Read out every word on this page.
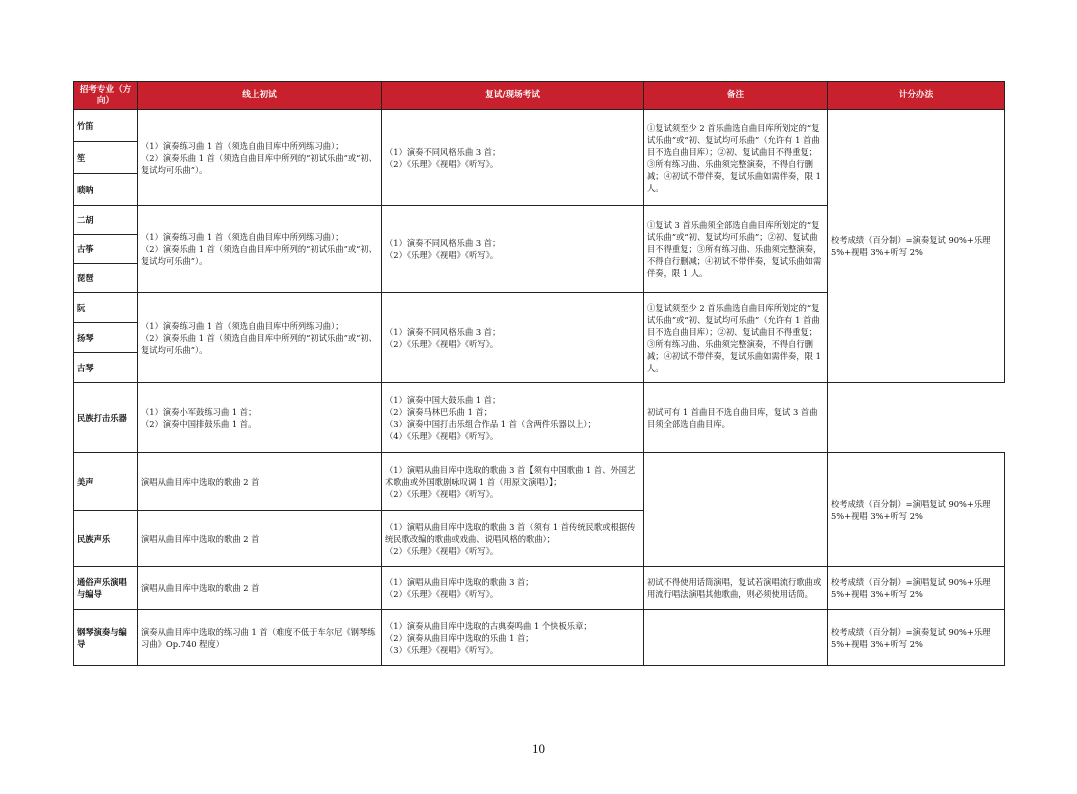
招考专业（方向）	线上初试	复试/现场考试	备注	计分办法
竹笛	（1）演奏练习曲 1 首（须选自曲目库中所列练习曲）；
（2）演奏乐曲 1 首（须选自曲目库中所列的“初试乐曲”或“初、复试均可乐曲”）。	（1）演奏不同风格乐曲 3 首；
（2）《乐理》《视唱》《听写》。	①复试须至少 2 首乐曲选自曲目库所划定的“复试乐曲”或“初、复试均可乐曲”（允许有 1 首曲目不选自曲目库）；②初、复试曲目不得重复；③所有练习曲、乐曲须完整演奏，不得自行删减；④初试不带伴奏，复试乐曲如需伴奏，限 1 人。	校考成绩（百分制）=演奏复试 90%+乐理 5%+视唱 3%+听写 2%
笙				
唢呐				
二胡	（1）演奏练习曲 1 首（须选自曲目库中所列练习曲）；
（2）演奏乐曲 1 首（须选自曲目库中所列的“初试乐曲”或“初、复试均可乐曲”）。	（1）演奏不同风格乐曲 3 首；
（2）《乐理》《视唱》《听写》。	①复试 3 首乐曲须全部选自曲目库所划定的“复试乐曲”或“初、复试均可乐曲”；②初、复试曲目不得重复；③所有练习曲、乐曲须完整演奏，不得自行删减；④初试不带伴奏，复试乐曲如需伴奏，限 1 人。	
古筝				
琵琶				
阮	（1）演奏练习曲 1 首（须选自曲目库中所列练习曲）；
（2）演奏乐曲 1 首（须选自曲目库中所列的“初试乐曲”或“初、复试均可乐曲”）。	（1）演奏不同风格乐曲 3 首；
（2）《乐理》《视唱》《听写》。	①复试须至少 2 首乐曲选自曲目库所划定的“复试乐曲”或“初、复试均可乐曲”（允许有 1 首曲目不选自曲目库）；②初、复试曲目不得重复；③所有练习曲、乐曲须完整演奏，不得自行删减；④初试不带伴奏，复试乐曲如需伴奏，限 1 人。	
扬琴				
古琴				
民族打击乐器	（1）演奏小军鼓练习曲 1 首；
（2）演奏中国排鼓乐曲 1 首。	（1）演奏中国大鼓乐曲 1 首；
（2）演奏马林巴乐曲 1 首；
（3）演奏中国打击乐组合作品 1 首（含两件乐器以上）；
（4）《乐理》《视唱》《听写》。	初试可有 1 首曲目不选自曲目库，复试 3 首曲目须全部选自曲目库。	
美声	演唱从曲目库中选取的歌曲 2 首	（1）演唱从曲目库中选取的歌曲 3 首【须有中国歌曲 1 首、外国艺术歌曲或外国歌剧咏叹调 1 首（用原文演唱）】；
（2）《乐理》《视唱》《听写》。		校考成绩（百分制）=演唱复试 90%+乐理 5%+视唱 3%+听写 2%
民族声乐	演唱从曲目库中选取的歌曲 2 首	（1）演唱从曲目库中选取的歌曲 3 首（须有 1 首传统民歌或根据传统民歌改编的歌曲或戏曲、说唱风格的歌曲）；
（2）《乐理》《视唱》《听写》。		

通俗声乐演唱与编导	演唱从曲目库中选取的歌曲 2 首	（1）演唱从曲目库中选取的歌曲 3 首；
（2）《乐理》《视唱》《听写》。	初试不得使用话筒演唱，复试若演唱流行歌曲或用流行唱法演唱其他歌曲，则必须使用话筒。	校考成绩（百分制）=演唱复试 90%+乐理 5%+视唱 3%+听写 2%
钢琴演奏与编导	演奏从曲目库中选取的练习曲 1 首（难度不低于车尔尼《钢琴练习曲》Op.740 程度）	（1）演奏从曲目库中选取的古典奏鸣曲 1 个快板乐章；
（2）演奏从曲目库中选取的乐曲 1 首；
（3）《乐理》《视唱》《听写》。		校考成绩（百分制）=演奏复试 90%+乐理 5%+视唱 3%+听写 2%
10
